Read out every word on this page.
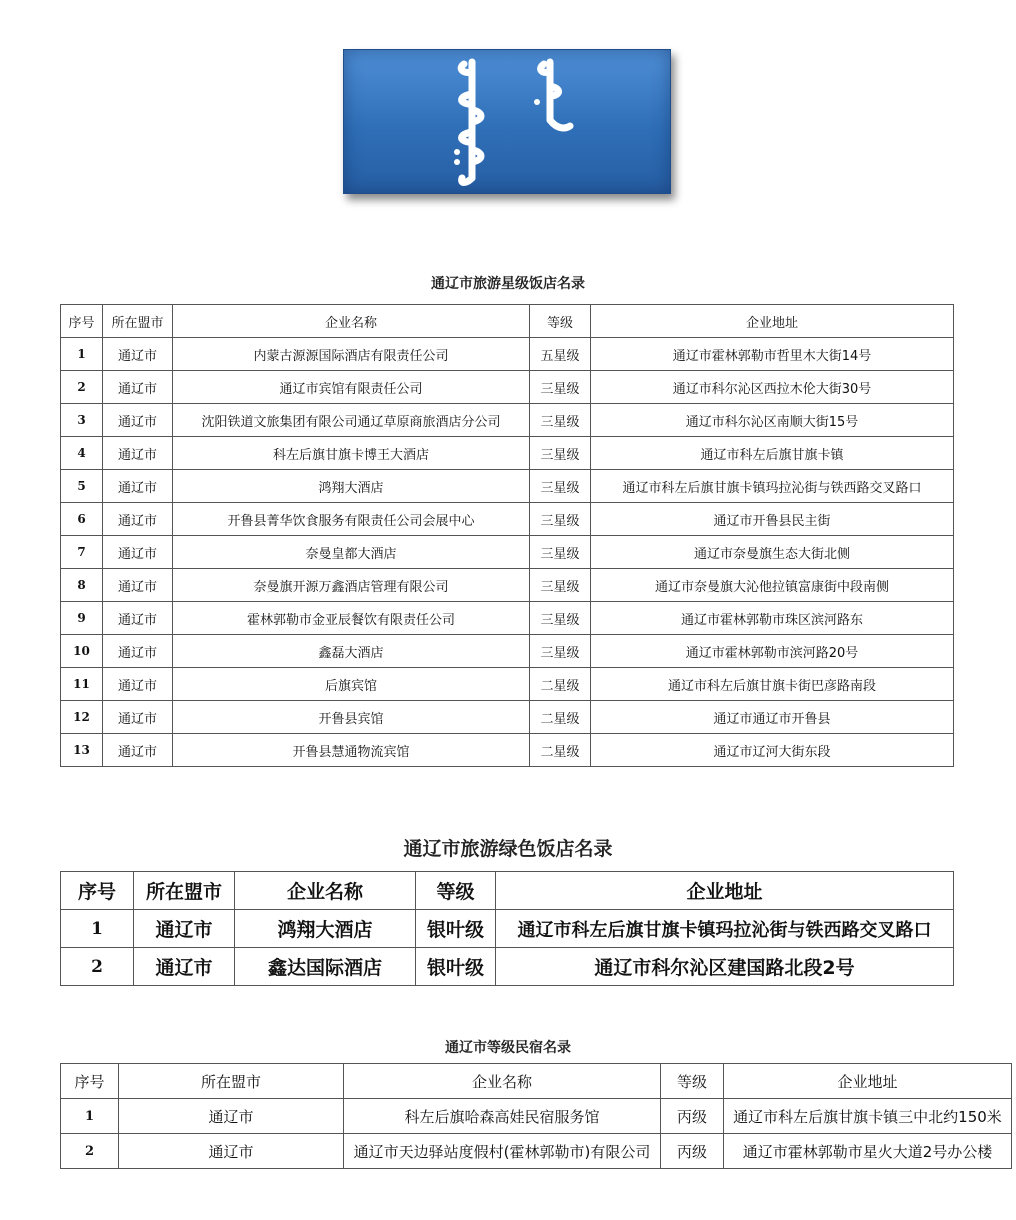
通辽市旅游星级饭店名录
序号	所在盟市	企业名称	等级	企业地址
1	通辽市	内蒙古源源国际酒店有限责任公司	五星级	通辽市霍林郭勒市哲里木大街14号
2	通辽市	通辽市宾馆有限责任公司	三星级	通辽市科尔沁区西拉木伦大街30号
3	通辽市	沈阳铁道文旅集团有限公司通辽草原商旅酒店分公司	三星级	通辽市科尔沁区南顺大街15号
4	通辽市	科左后旗甘旗卡博王大酒店	三星级	通辽市科左后旗甘旗卡镇
5	通辽市	鸿翔大酒店	三星级	通辽市科左后旗甘旗卡镇玛拉沁街与铁西路交叉路口
6	通辽市	开鲁县菁华饮食服务有限责任公司会展中心	三星级	通辽市开鲁县民主街
7	通辽市	奈曼皇都大酒店	三星级	通辽市奈曼旗生态大街北侧
8	通辽市	奈曼旗开源万鑫酒店管理有限公司	三星级	通辽市奈曼旗大沁他拉镇富康街中段南侧
9	通辽市	霍林郭勒市金亚辰餐饮有限责任公司	三星级	通辽市霍林郭勒市珠区滨河路东
10	通辽市	鑫磊大酒店	三星级	通辽市霍林郭勒市滨河路20号
11	通辽市	后旗宾馆	二星级	通辽市科左后旗甘旗卡街巴彦路南段
12	通辽市	开鲁县宾馆	二星级	通辽市通辽市开鲁县
13	通辽市	开鲁县慧通物流宾馆	二星级	通辽市辽河大街东段
通辽市旅游绿色饭店名录
序号	所在盟市	企业名称	等级	企业地址
1	通辽市	鸿翔大酒店	银叶级	通辽市科左后旗甘旗卡镇玛拉沁街与铁西路交叉路口
2	通辽市	鑫达国际酒店	银叶级	通辽市科尔沁区建国路北段2号
通辽市等级民宿名录
序号	所在盟市	企业名称	等级	企业地址
1	通辽市	科左后旗哈森高娃民宿服务馆	丙级	通辽市科左后旗甘旗卡镇三中北约150米
2	通辽市	通辽市天边驿站度假村(霍林郭勒市)有限公司	丙级	通辽市霍林郭勒市星火大道2号办公楼
